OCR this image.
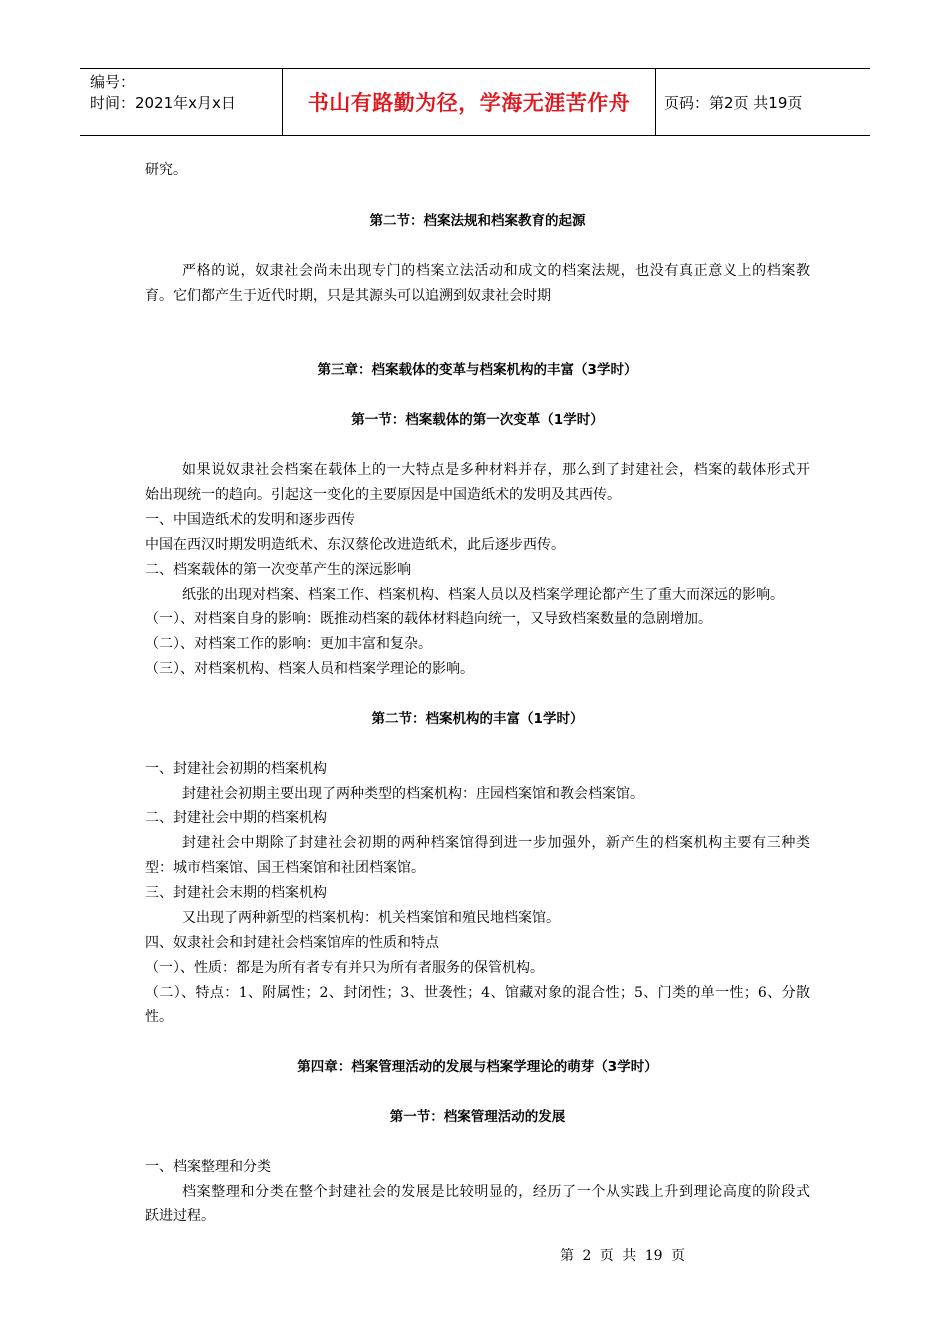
编号：
时间：2021年x月x日	书山有路勤为径，学海无涯苦作舟	页码：第2页 共19页
研究。
第二节：档案法规和档案教育的起源
严格的说，奴隶社会尚未出现专门的档案立法活动和成文的档案法规，也没有真正意义上的档案教
育。它们都产生于近代时期，只是其源头可以追溯到奴隶社会时期
第三章：档案载体的变革与档案机构的丰富（3学时）
第一节：档案载体的第一次变革（1学时）
如果说奴隶社会档案在载体上的一大特点是多种材料并存，那么到了封建社会，档案的载体形式开
始出现统一的趋向。引起这一变化的主要原因是中国造纸术的发明及其西传。
一、中国造纸术的发明和逐步西传
中国在西汉时期发明造纸术、东汉蔡伦改进造纸术，此后逐步西传。
二、档案载体的第一次变革产生的深远影响
纸张的出现对档案、档案工作、档案机构、档案人员以及档案学理论都产生了重大而深远的影响。
（一）、对档案自身的影响：既推动档案的载体材料趋向统一，又导致档案数量的急剧增加。
（二）、对档案工作的影响：更加丰富和复杂。
（三）、对档案机构、档案人员和档案学理论的影响。
第二节：档案机构的丰富（1学时）
一、封建社会初期的档案机构
封建社会初期主要出现了两种类型的档案机构：庄园档案馆和教会档案馆。
二、封建社会中期的档案机构
封建社会中期除了封建社会初期的两种档案馆得到进一步加强外，新产生的档案机构主要有三种类
型：城市档案馆、国王档案馆和社团档案馆。
三、封建社会末期的档案机构
又出现了两种新型的档案机构：机关档案馆和殖民地档案馆。
四、奴隶社会和封建社会档案馆库的性质和特点
（一）、性质：都是为所有者专有并只为所有者服务的保管机构。
（二）、特点：1、附属性；2、封闭性；3、世袭性；4、馆藏对象的混合性；5、门类的单一性；6、分散
性。
第四章：档案管理活动的发展与档案学理论的萌芽（3学时）
第一节：档案管理活动的发展
一、档案整理和分类
档案整理和分类在整个封建社会的发展是比较明显的，经历了一个从实践上升到理论高度的阶段式
跃进过程。
第 2 页 共 19 页
